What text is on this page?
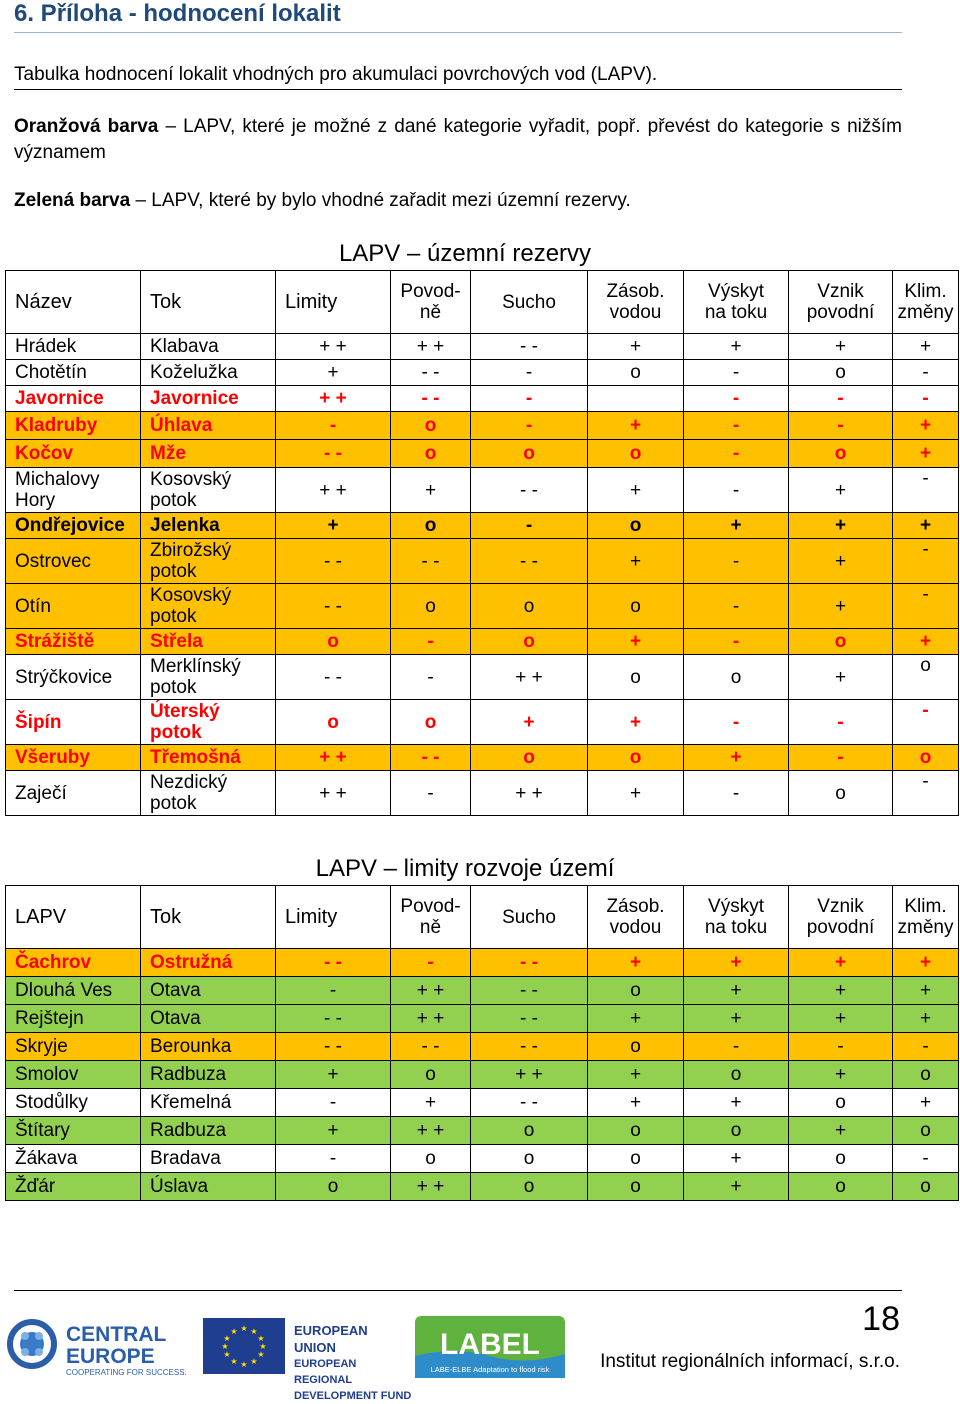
6. Příloha - hodnocení lokalit
Tabulka hodnocení lokalit vhodných pro akumulaci povrchových vod (LAPV).
Oranžová barva – LAPV, které je možné z dané kategorie vyřadit, popř. převést do kategorie s nižším významem
Zelená barva – LAPV, které by bylo vhodné zařadit mezi územní rezervy.
LAPV – územní rezervy
Název	Tok	Limity	Povod-
ně	Sucho	Zásob.
vodou	Výskyt
na toku	Vznik
povodní	Klim.
změny
Hrádek	Klabava	+ +	+ +	- -	+	+	+	+
Chotětín	Koželužka	+	- -	-	o	-	o	-
Javornice	Javornice	+ +	- -	-		-	-	-
Kladruby	Úhlava	-	o	-	+	-	-	+
Kočov	Mže	- -	o	o	o	-	o	+
Michalovy Hory	Kosovský potok	+ +	+	- -	+	-	+	-
Ondřejovice	Jelenka	+	o	-	o	+	+	+
Ostrovec	Zbirožský potok	- -	- -	- -	+	-	+	-
Otín	Kosovský potok	- -	o	o	o	-	+	-
Strážiště	Střela	o	-	o	+	-	o	+
Strýčkovice	Merklínský potok	- -	-	+ +	o	o	+	o
Šipín	Úterský potok	o	o	+	+	-	-	-
Všeruby	Třemošná	+ +	- -	o	o	+	-	o
Zaječí	Nezdický potok	+ +	-	+ +	+	-	o	-
LAPV – limity rozvoje území
LAPV	Tok	Limity	Povod-
ně	Sucho	Zásob.
vodou	Výskyt
na toku	Vznik
povodní	Klim.
změny
Čachrov	Ostružná	- -	-	- -	+	+	+	+
Dlouhá Ves	Otava	-	+ +	- -	o	+	+	+
Rejštejn	Otava	- -	+ +	- -	+	+	+	+
Skryje	Berounka	- -	- -	- -	o	-	-	-
Smolov	Radbuza	+	o	+ +	+	o	+	o
Stodůlky	Křemelná	-	+	- -	+	+	o	+
Štítary	Radbuza	+	+ +	o	o	o	+	o
Žákava	Bradava	-	o	o	o	+	o	-
Žďár	Úslava	o	+ +	o	o	+	o	o
18
Institut regionálních informací, s.r.o.
CENTRAL
EUROPE
COOPERATING FOR SUCCESS.
★ ★
★
★
★
★
★
★
★
★
★
★	EUROPEAN UNION
EUROPEAN REGIONAL
DEVELOPMENT FUND
LABEL
LABE-ELBE Adaptation to flood risk
